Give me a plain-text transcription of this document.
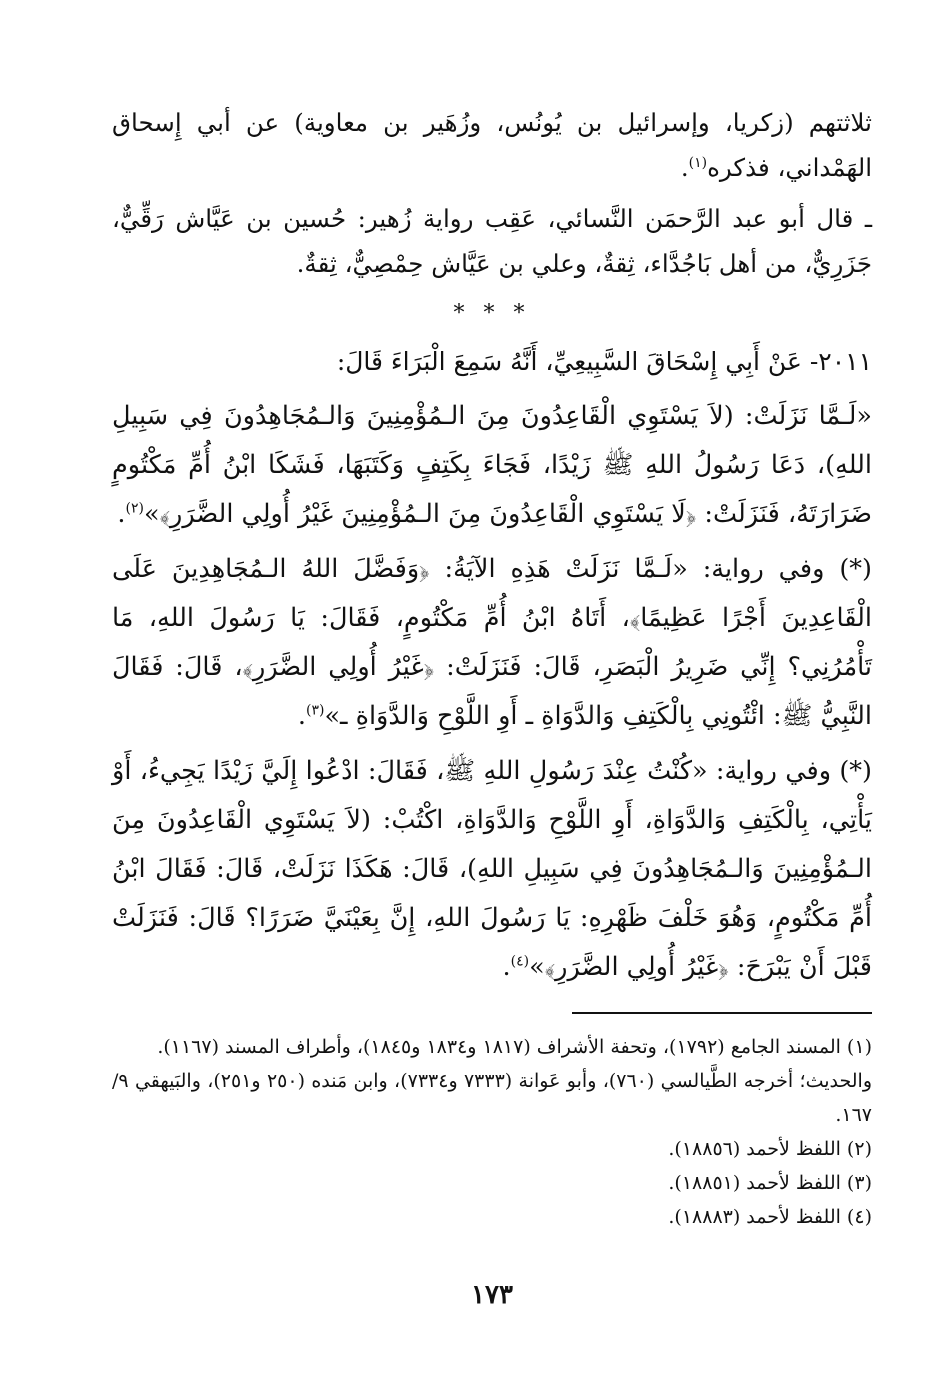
ثلاثتهم (زكريا، وإسرائيل بن يُونُس، وزُهَير بن معاوية) عن أبي إِسحاق الهَمْداني، فذكره$^{(١)}$.

ـ قال أبو عبد الرَّحمَن النَّسائي، عَقِب رواية زُهير: حُسين بن عَيَّاش رَقِّيٌّ، جَزَرِيٌّ، من أهل بَاجُدَّاء، ثِقةٌ، وعلي بن عَيَّاش حِمْصِيٌّ، ثِقةٌ.

* * *

٢٠١١- عَنْ أَبِي إِسْحَاقَ السَّبِيعِيِّ، أَنَّهُ سَمِعَ الْبَرَاءَ قَالَ:

«لَـمَّا نَزَلَتْ: (لاَ يَسْتَوِي الْقَاعِدُونَ مِنَ الـمُؤْمِنِينَ وَالـمُجَاهِدُونَ فِي سَبِيلِ اللهِ)، دَعَا رَسُولُ اللهِ ﷺ زَيْدًا، فَجَاءَ بِكَتِفٍ وَكَتَبَهَا، فَشَكَا ابْنُ أُمِّ مَكْتُومٍ ضَرَارَتَهُ، فَنَزَلَتْ: ﴿لَا يَسْتَوِي الْقَاعِدُونَ مِنَ الـمُؤْمِنِينَ غَيْرُ أُولِي الضَّرَرِ﴾»$^{(٢)}$.

(*) وفي رواية: «لَـمَّا نَزَلَتْ هَذِهِ الآيَةُ: ﴿وَفَضَّلَ اللهُ الـمُجَاهِدِينَ عَلَى الْقَاعِدِينَ أَجْرًا عَظِيمًا﴾، أَتَاهُ ابْنُ أُمِّ مَكْتُومٍ، فَقَالَ: يَا رَسُولَ اللهِ، مَا تَأْمُرُنِي؟ إِنِّي ضَرِيرُ الْبَصَرِ، قَالَ: فَنَزَلَتْ: ﴿غَيْرُ أُولِي الضَّرَرِ﴾، قَالَ: فَقَالَ النَّبِيُّ ﷺ: ائْتُونِي بِالْكَتِفِ وَالدَّوَاةِ ـ أَوِ اللَّوْحِ وَالدَّوَاةِ ـ»$^{(٣)}$.

(*) وفي رواية: «كُنْتُ عِنْدَ رَسُولِ اللهِ ﷺ، فَقَالَ: ادْعُوا إِلَيَّ زَيْدًا يَجِيءُ، أَوْ يَأْتِي، بِالْكَتِفِ وَالدَّوَاةِ، أَوِ اللَّوْحِ وَالدَّوَاةِ، اكْتُبْ: (لاَ يَسْتَوِي الْقَاعِدُونَ مِنَ الـمُؤْمِنِينَ وَالـمُجَاهِدُونَ فِي سَبِيلِ اللهِ)، قَالَ: هَكَذَا نَزَلَتْ، قَالَ: فَقَالَ ابْنُ أُمِّ مَكْتُومٍ، وَهُوَ خَلْفَ ظَهْرِهِ: يَا رَسُولَ اللهِ، إِنَّ بِعَيْنَيَّ ضَرَرًا؟ قَالَ: فَنَزَلَتْ قَبْلَ أَنْ يَبْرَحَ: ﴿غَيْرُ أُولِي الضَّرَرِ﴾»$^{(٤)}$.

(١) المسند الجامع (١٧٩٢)، وتحفة الأشراف (١٨١٧ و١٨٣٤ و١٨٤٥)، وأطراف المسند (١١٦٧).

والحديث؛ أخرجه الطَّيالسي (٧٦٠)، وأبو عَوانة (٧٣٣٣ و٧٣٣٤)، وابن مَنده (٢٥٠ و٢٥١)، والبَيهقي ٩/ ١٦٧.

(٢) اللفظ لأحمد (١٨٨٥٦).

(٣) اللفظ لأحمد (١٨٨٥١).

(٤) اللفظ لأحمد (١٨٨٨٣).

١٧٣
